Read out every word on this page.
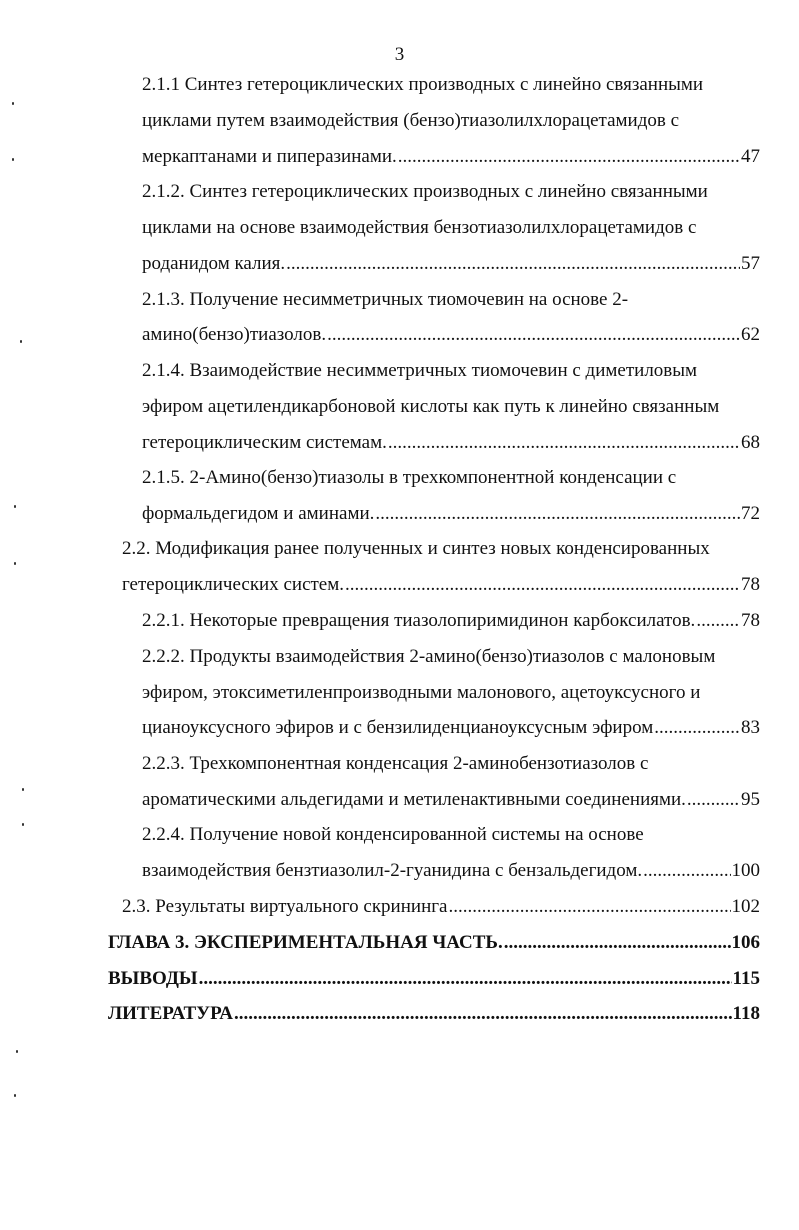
3
2.1.1 Синтез гетероциклических производных с линейно связанными
циклами путем взаимодействия (бензо)тиазолилхлорацетамидов с
меркаптанами и пиперазинами. .....	47
2.1.2. Синтез гетероциклических производных с линейно связанными
циклами на основе взаимодействия бензотиазолилхлорацетамидов с
роданидом калия. .....	57
2.1.3. Получение несимметричных тиомочевин на основе 2-
амино(бензо)тиазолов. .....	62
2.1.4. Взаимодействие несимметричных тиомочевин с диметиловым
эфиром ацетилендикарбоновой кислоты как путь к линейно связанным
гетероциклическим системам. .....	68
2.1.5. 2-Амино(бензо)тиазолы в трехкомпонентной конденсации с
формальдегидом и аминами. .....	72
2.2. Модификация ранее полученных и синтез новых конденсированных
гетероциклических систем. .....	78
2.2.1. Некоторые превращения тиазолопиримидинон карбоксилатов. ..... 78
2.2.2. Продукты взаимодействия 2-амино(бензо)тиазолов с малоновым
эфиром, этоксиметиленпроизводными малонового, ацетоуксусного и
цианоуксусного эфиров и с бензилиденцианоуксусным эфиром .....	83
2.2.3. Трехкомпонентная конденсация 2-аминобензотиазолов с
ароматическими альдегидами и метиленактивными соединениями. .....	95
2.2.4. Получение новой конденсированной системы на основе
взаимодействия бензтиазолил-2-гуанидина с бензальдегидом. .....	100
2.3. Результаты виртуального скрининга .....	102
ГЛАВА 3. ЭКСПЕРИМЕНТАЛЬНАЯ ЧАСТЬ. .....	106
ВЫВОДЫ .....	115
ЛИТЕРАТУРА .....	118
